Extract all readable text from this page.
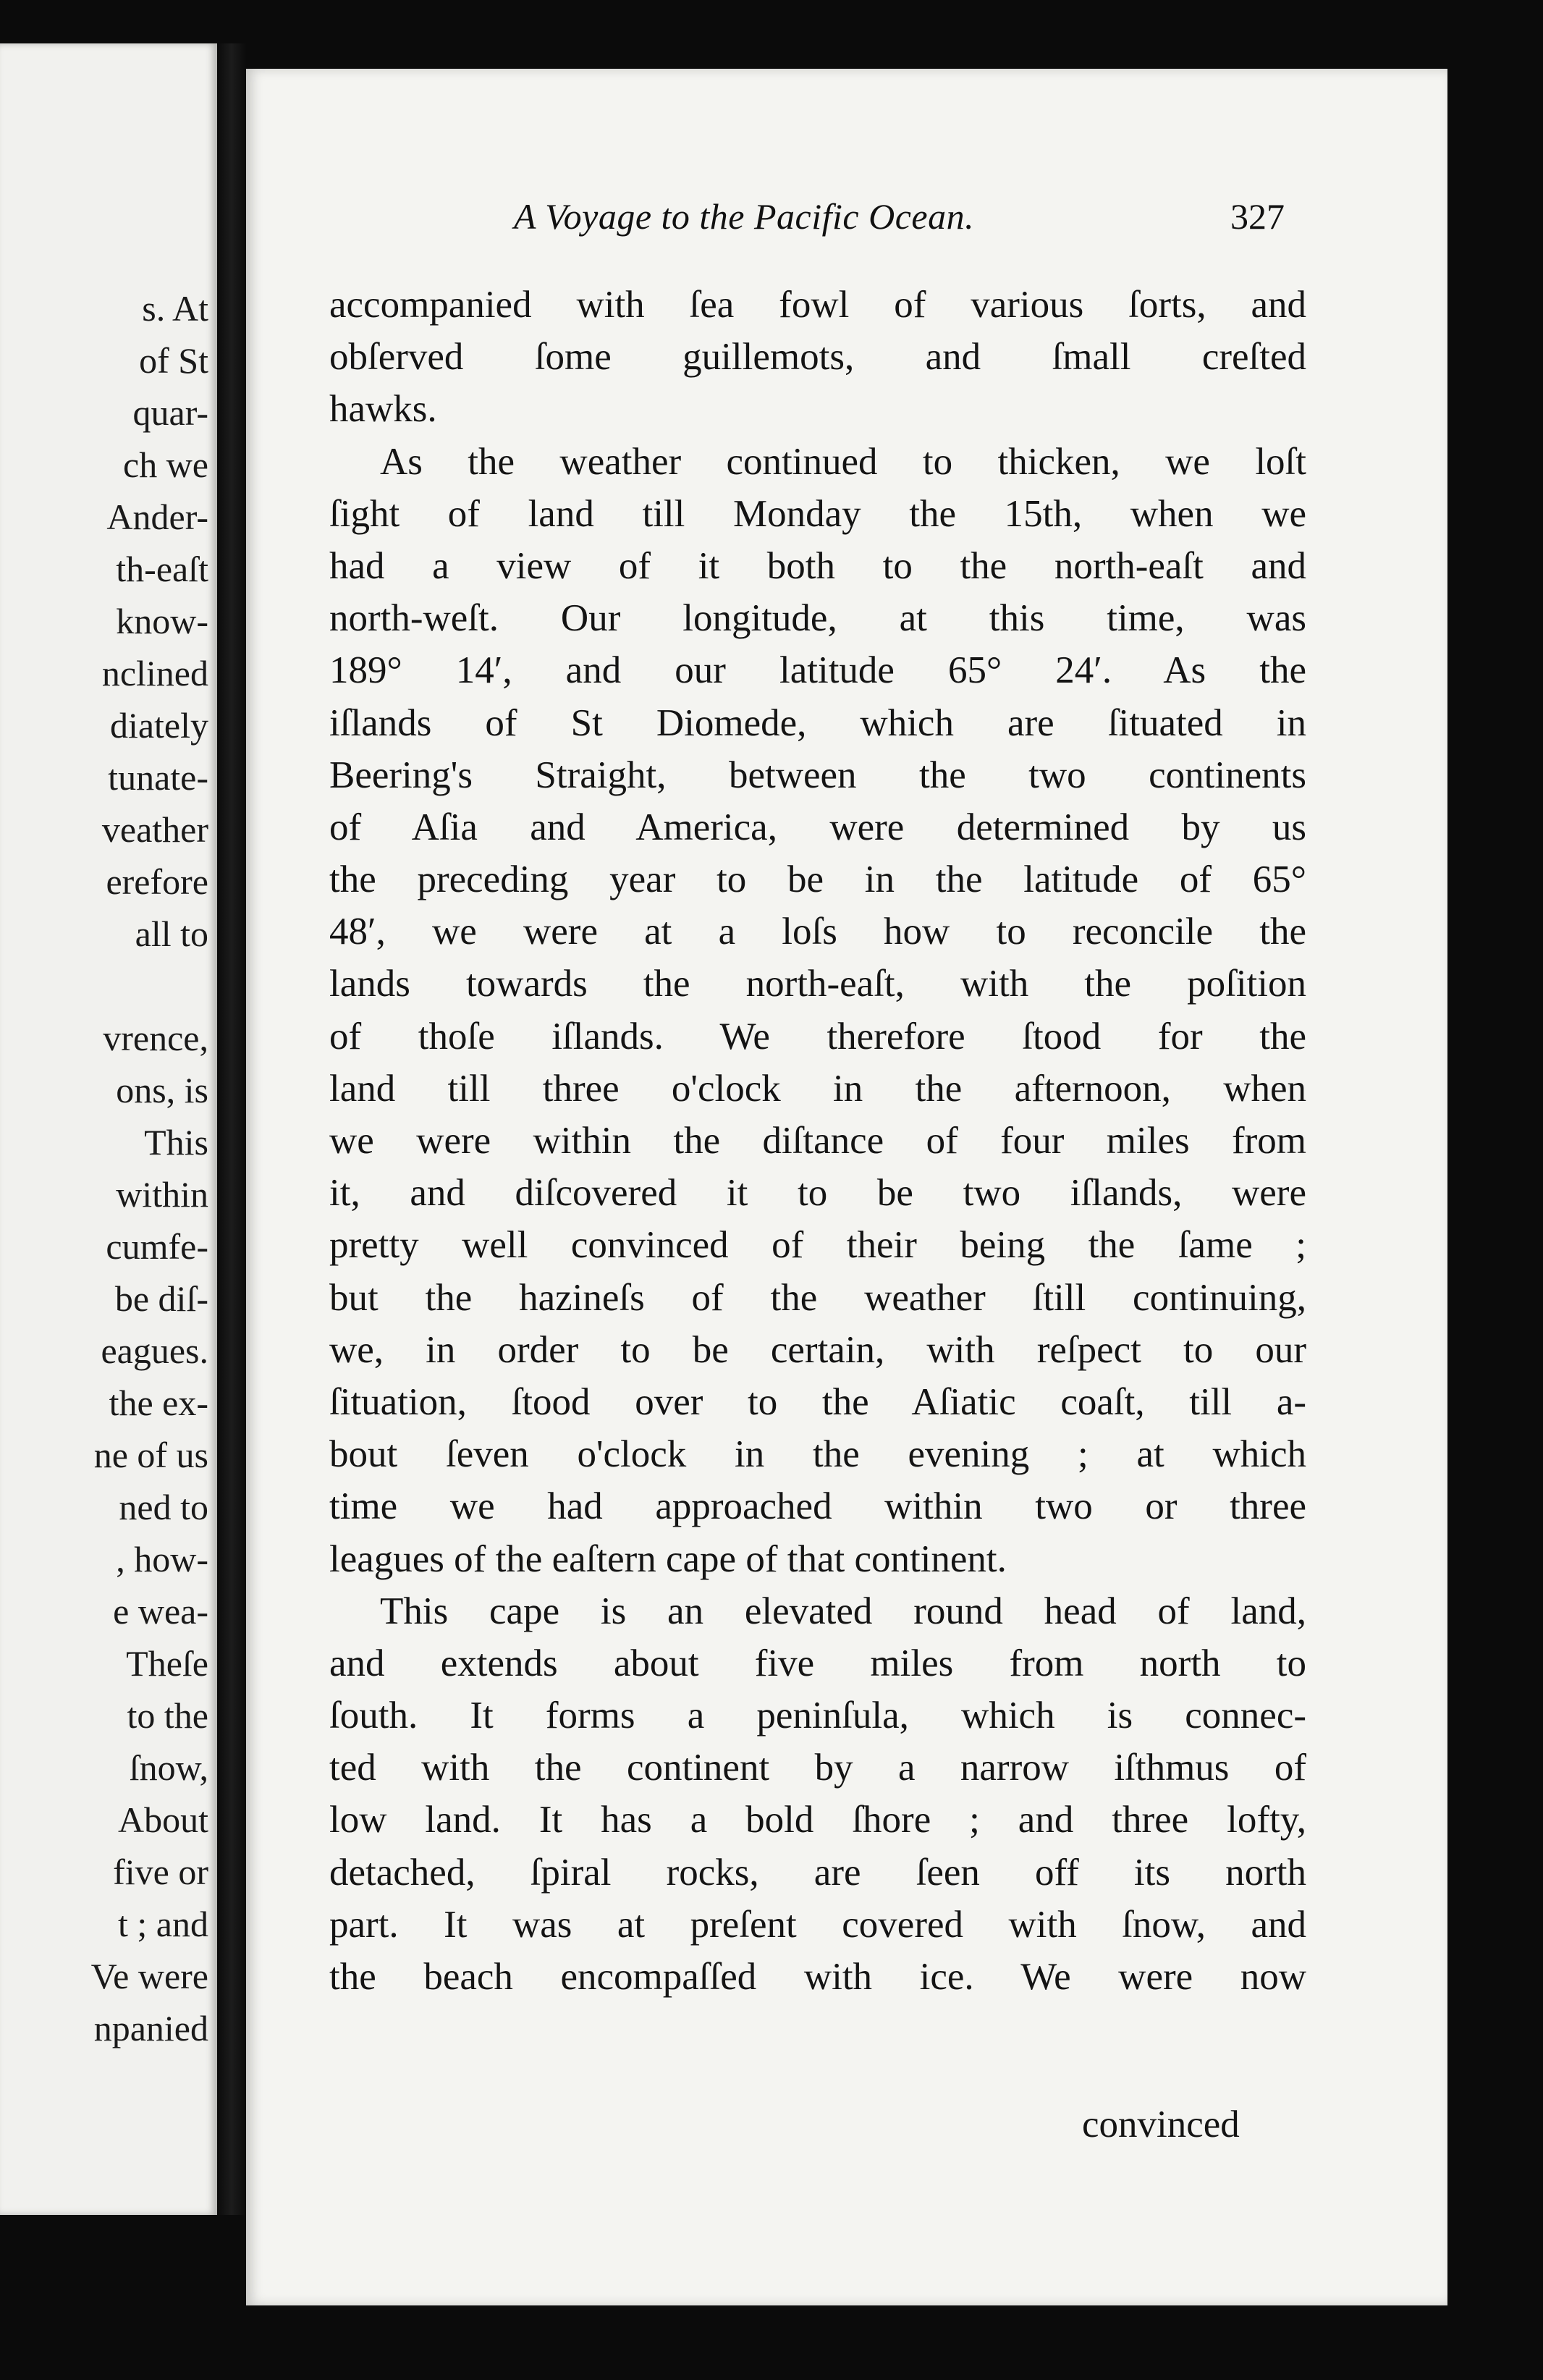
s. At
of St
quar-
ch we
Ander-
th-eaſt
know-
nclined
diately
tunate-
veather
erefore
all to
vrence,
ons, is
This
within
cumfe-
be diſ-
eagues.
the ex-
ne of us
ned to
, how-
e wea-
Theſe
to the
ſnow,
About
five or
t ; and
Ve were
npanied
A Voyage to the Pacific Ocean.	327
accompanied with ſea fowl of various ſorts, and
obſerved ſome guillemots, and ſmall creſted
hawks.
As the weather continued to thicken, we loſt
ſight of land till Monday the 15th, when we
had a view of it both to the north-eaſt and
north-weſt. Our longitude, at this time, was
189° 14′, and our latitude 65° 24′. As the
iſlands of St Diomede, which are ſituated in
Beering's Straight, between the two continents
of Aſia and America, were determined by us
the preceding year to be in the latitude of 65°
48′, we were at a loſs how to reconcile the
lands towards the north-eaſt, with the poſition
of thoſe iſlands. We therefore ſtood for the
land till three o'clock in the afternoon, when
we were within the diſtance of four miles from
it, and diſcovered it to be two iſlands, were
pretty well convinced of their being the ſame ;
but the hazineſs of the weather ſtill continuing,
we, in order to be certain, with reſpect to our
ſituation, ſtood over to the Aſiatic coaſt, till a-
bout ſeven o'clock in the evening ; at which
time we had approached within two or three
leagues of the eaſtern cape of that continent.
This cape is an elevated round head of land,
and extends about five miles from north to
ſouth. It forms a peninſula, which is connec-
ted with the continent by a narrow iſthmus of
low land. It has a bold ſhore ; and three lofty,
detached, ſpiral rocks, are ſeen off its north
part. It was at preſent covered with ſnow, and
the beach encompaſſed with ice. We were now
convinced
